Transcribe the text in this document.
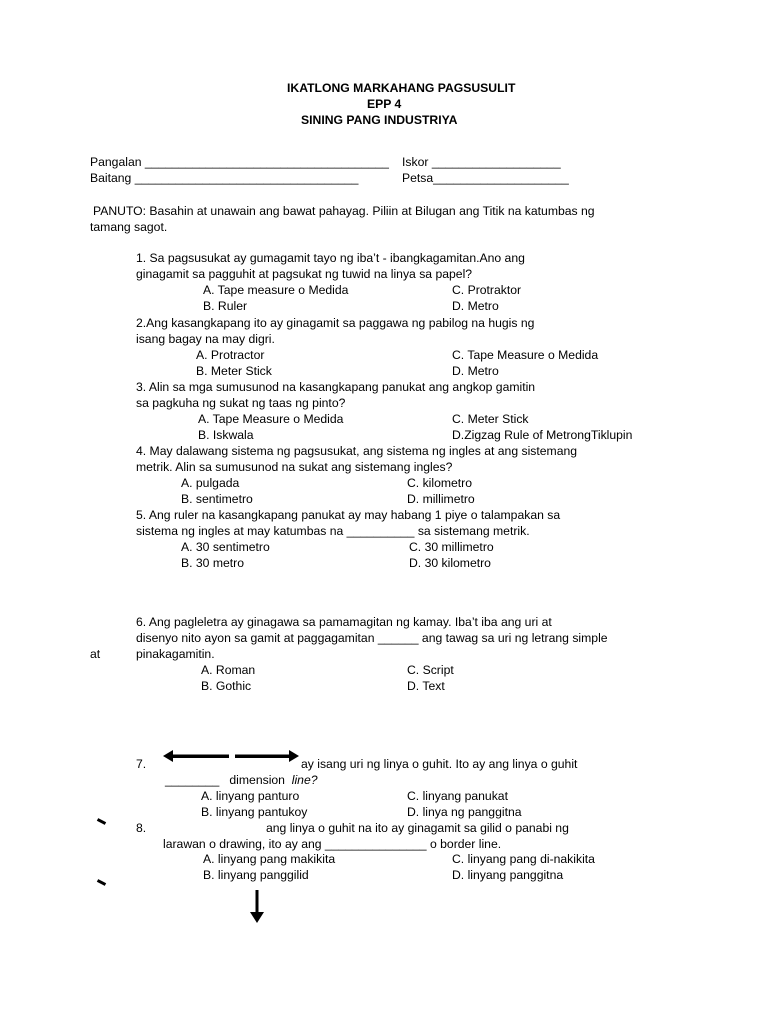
IKATLONG MARKAHANG PAGSUSULIT
EPP 4
SINING PANG INDUSTRIYA
Pangalan ____________________________________ Iskor ___________________
Baitang _________________________________	Petsa____________________
PANUTO: Basahin at unawain ang bawat pahayag. Piliin at Bilugan ang Titik na katumbas ng
tamang sagot.
1. Sa pagsusukat ay gumagamit tayo ng iba’t - ibangkagamitan.Ano ang
ginagamit sa pagguhit at pagsukat ng tuwid na linya sa papel?
A. Tape measure o Medida	C. Protraktor
B. Ruler	D. Metro
2.Ang kasangkapang ito ay ginagamit sa paggawa ng pabilog na hugis ng
isang bagay na may digri.
A. Protractor	C. Tape Measure o Medida
B. Meter Stick	D. Metro
3. Alin sa mga sumusunod na kasangkapang panukat ang angkop gamitin
sa pagkuha ng sukat ng taas ng pinto?
A. Tape Measure o Medida	C. Meter Stick
B. Iskwala	D.Zigzag Rule of MetrongTiklupin
4. May dalawang sistema ng pagsusukat, ang sistema ng ingles at ang sistemang
metrik. Alin sa sumusunod na sukat ang sistemang ingles?
A. pulgada	C. kilometro
B. sentimetro	D. millimetro
5. Ang ruler na kasangkapang panukat ay may habang 1 piye o talampakan sa
sistema ng ingles at may katumbas na __________ sa sistemang metrik.
A. 30 sentimetro	C. 30 millimetro
B. 30 metro	D. 30 kilometro
6. Ang pagleletra ay ginagawa sa pamamagitan ng kamay. Iba’t iba ang uri at
disenyo nito ayon sa gamit at paggagamitan ______ ang tawag sa uri ng letrang simple
at	pinakagamitin.
A. Roman	C. Script
B. Gothic	D. Text
7.	ay isang uri ng linya o guhit. Ito ay ang linya o guhit
________ dimension line?
A. linyang panturo	C. linyang panukat
B. linyang pantukoy	D. linya ng panggitna
8.	ang linya o guhit na ito ay ginagamit sa gilid o panabi ng
larawan o drawing, ito ay ang _______________ o border line.
A. linyang pang makikita	C. linyang pang di-nakikita
B. linyang panggilid	D. linyang panggitna
